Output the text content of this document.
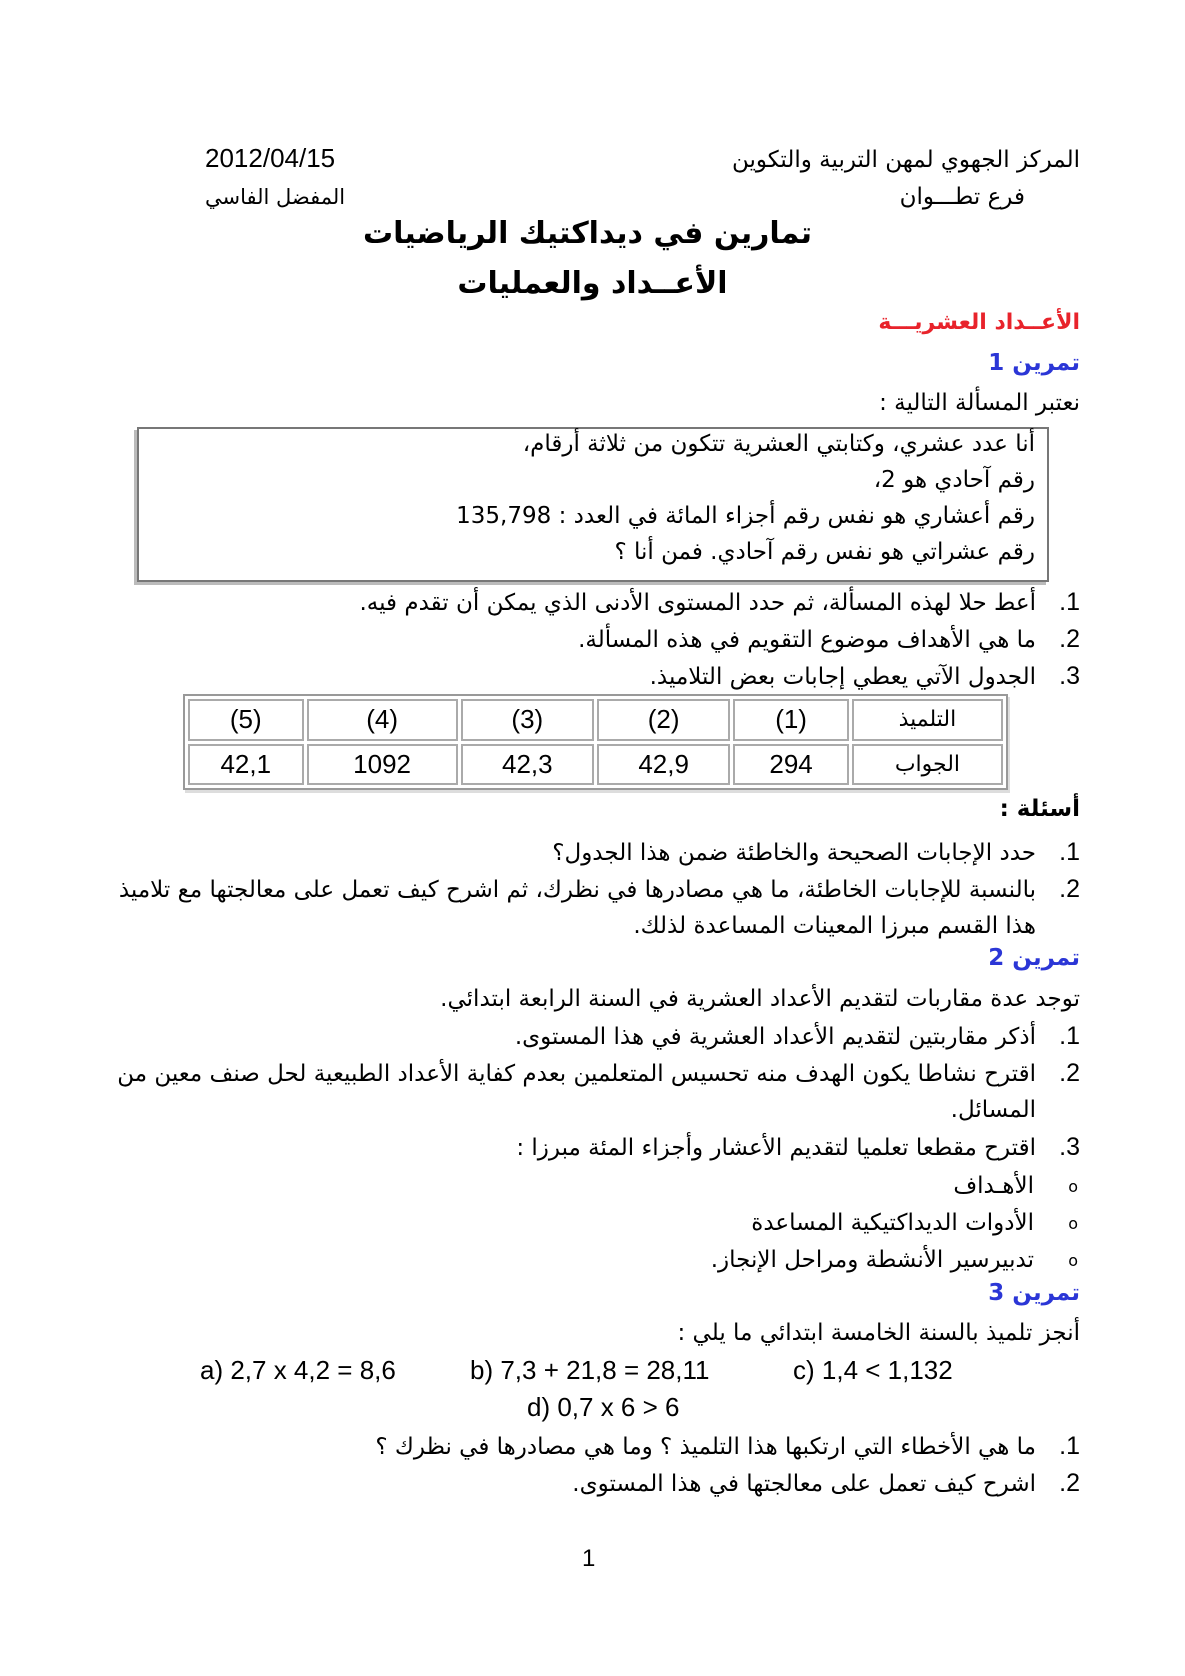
المركز الجهوي لمهن التربية والتكوين
فرع تطـــوان
2012/04/15
المفضل الفاسي
تمارين في ديداكتيك الرياضيات
الأعــداد والعمليات
الأعــداد العشريـــة
تمرين 1
نعتبر المسألة التالية :
أنا عدد عشري، وكتابتي العشرية تتكون من ثلاثة أرقام،
رقم آحادي هو 2،
رقم أعشاري هو نفس رقم أجزاء المائة في العدد : 135,798
رقم عشراتي هو نفس رقم آحادي. فمن أنا ؟
1.
أعط حلا لهذه المسألة، ثم حدد المستوى الأدنى الذي يمكن أن تقدم فيه.
2.
ما هي الأهداف موضوع التقويم في هذه المسألة.
3.
الجدول الآتي يعطي إجابات بعض التلاميذ.
(5)	(4)	(3)	(2)	(1)	التلميذ
42,1	1092	42,3	42,9	294	الجواب
أسئلة :
1.
حدد الإجابات الصحيحة والخاطئة ضمن هذا الجدول؟
2.
بالنسبة للإجابات الخاطئة، ما هي مصادرها في نظرك، ثم اشرح كيف تعمل على معالجتها مع تلاميذ
هذا القسم مبرزا المعينات المساعدة لذلك.
تمرين 2
توجد عدة مقاربات لتقديم الأعداد العشرية في السنة الرابعة ابتدائي.
1.
أذكر مقاربتين لتقديم الأعداد العشرية في هذا المستوى.
2.
اقترح نشاطا يكون الهدف منه تحسيس المتعلمين بعدم كفاية الأعداد الطبيعية لحل صنف معين من
المسائل.
3.
اقترح مقطعا تعلميا لتقديم الأعشار وأجزاء المئة مبرزا :
o
الأهـداف
o
الأدوات الديداكتيكية المساعدة
o
تدبيرسير الأنشطة ومراحل الإنجاز.
تمرين 3
أنجز تلميذ بالسنة الخامسة ابتدائي ما يلي :
a) 2,7 x 4,2 = 8,6	b) 7,3 + 21,8 = 28,11	c) 1,4 < 1,132
d) 0,7 x 6 > 6
1.
ما هي الأخطاء التي ارتكبها هذا التلميذ ؟ وما هي مصادرها في نظرك ؟
2.
اشرح كيف تعمل على معالجتها في هذا المستوى.
1
